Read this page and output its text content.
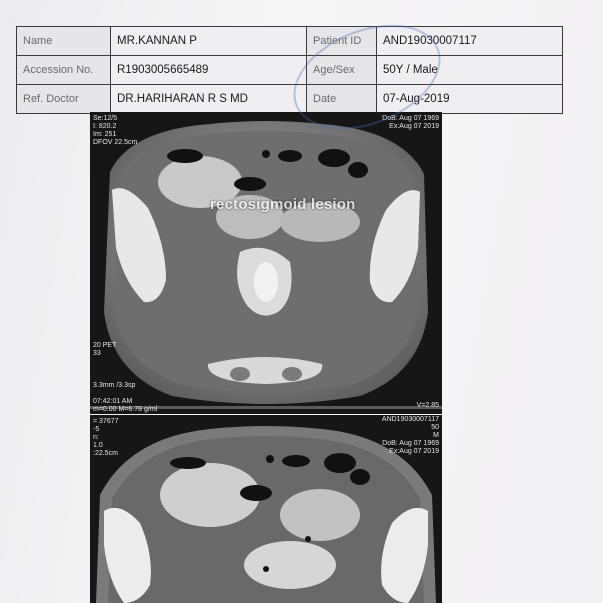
Name	MR.KANNAN P	Patient ID	AND19030007117
Accession No.	R1903005665489	Age/Sex	50Y / Male
Ref. Doctor	DR.HARIHARAN R S MD	Date	07-Aug-2019
Se:12/5
I: 820.2
Im: 251
DFOV 22.5cm
DoB: Aug 07 1969
Ex:Aug 07 2019
rectosigmoid lesion
20 PET
33
3.3mm /3.3sp
07:42:01 AM
m=0.00 M=6.78 g/ml
V=2.85
= 37677
-5
n:
1.0
:22.5cm
AND19030007117
50
M
DoB: Aug 07 1969
Ex:Aug 07 2019
